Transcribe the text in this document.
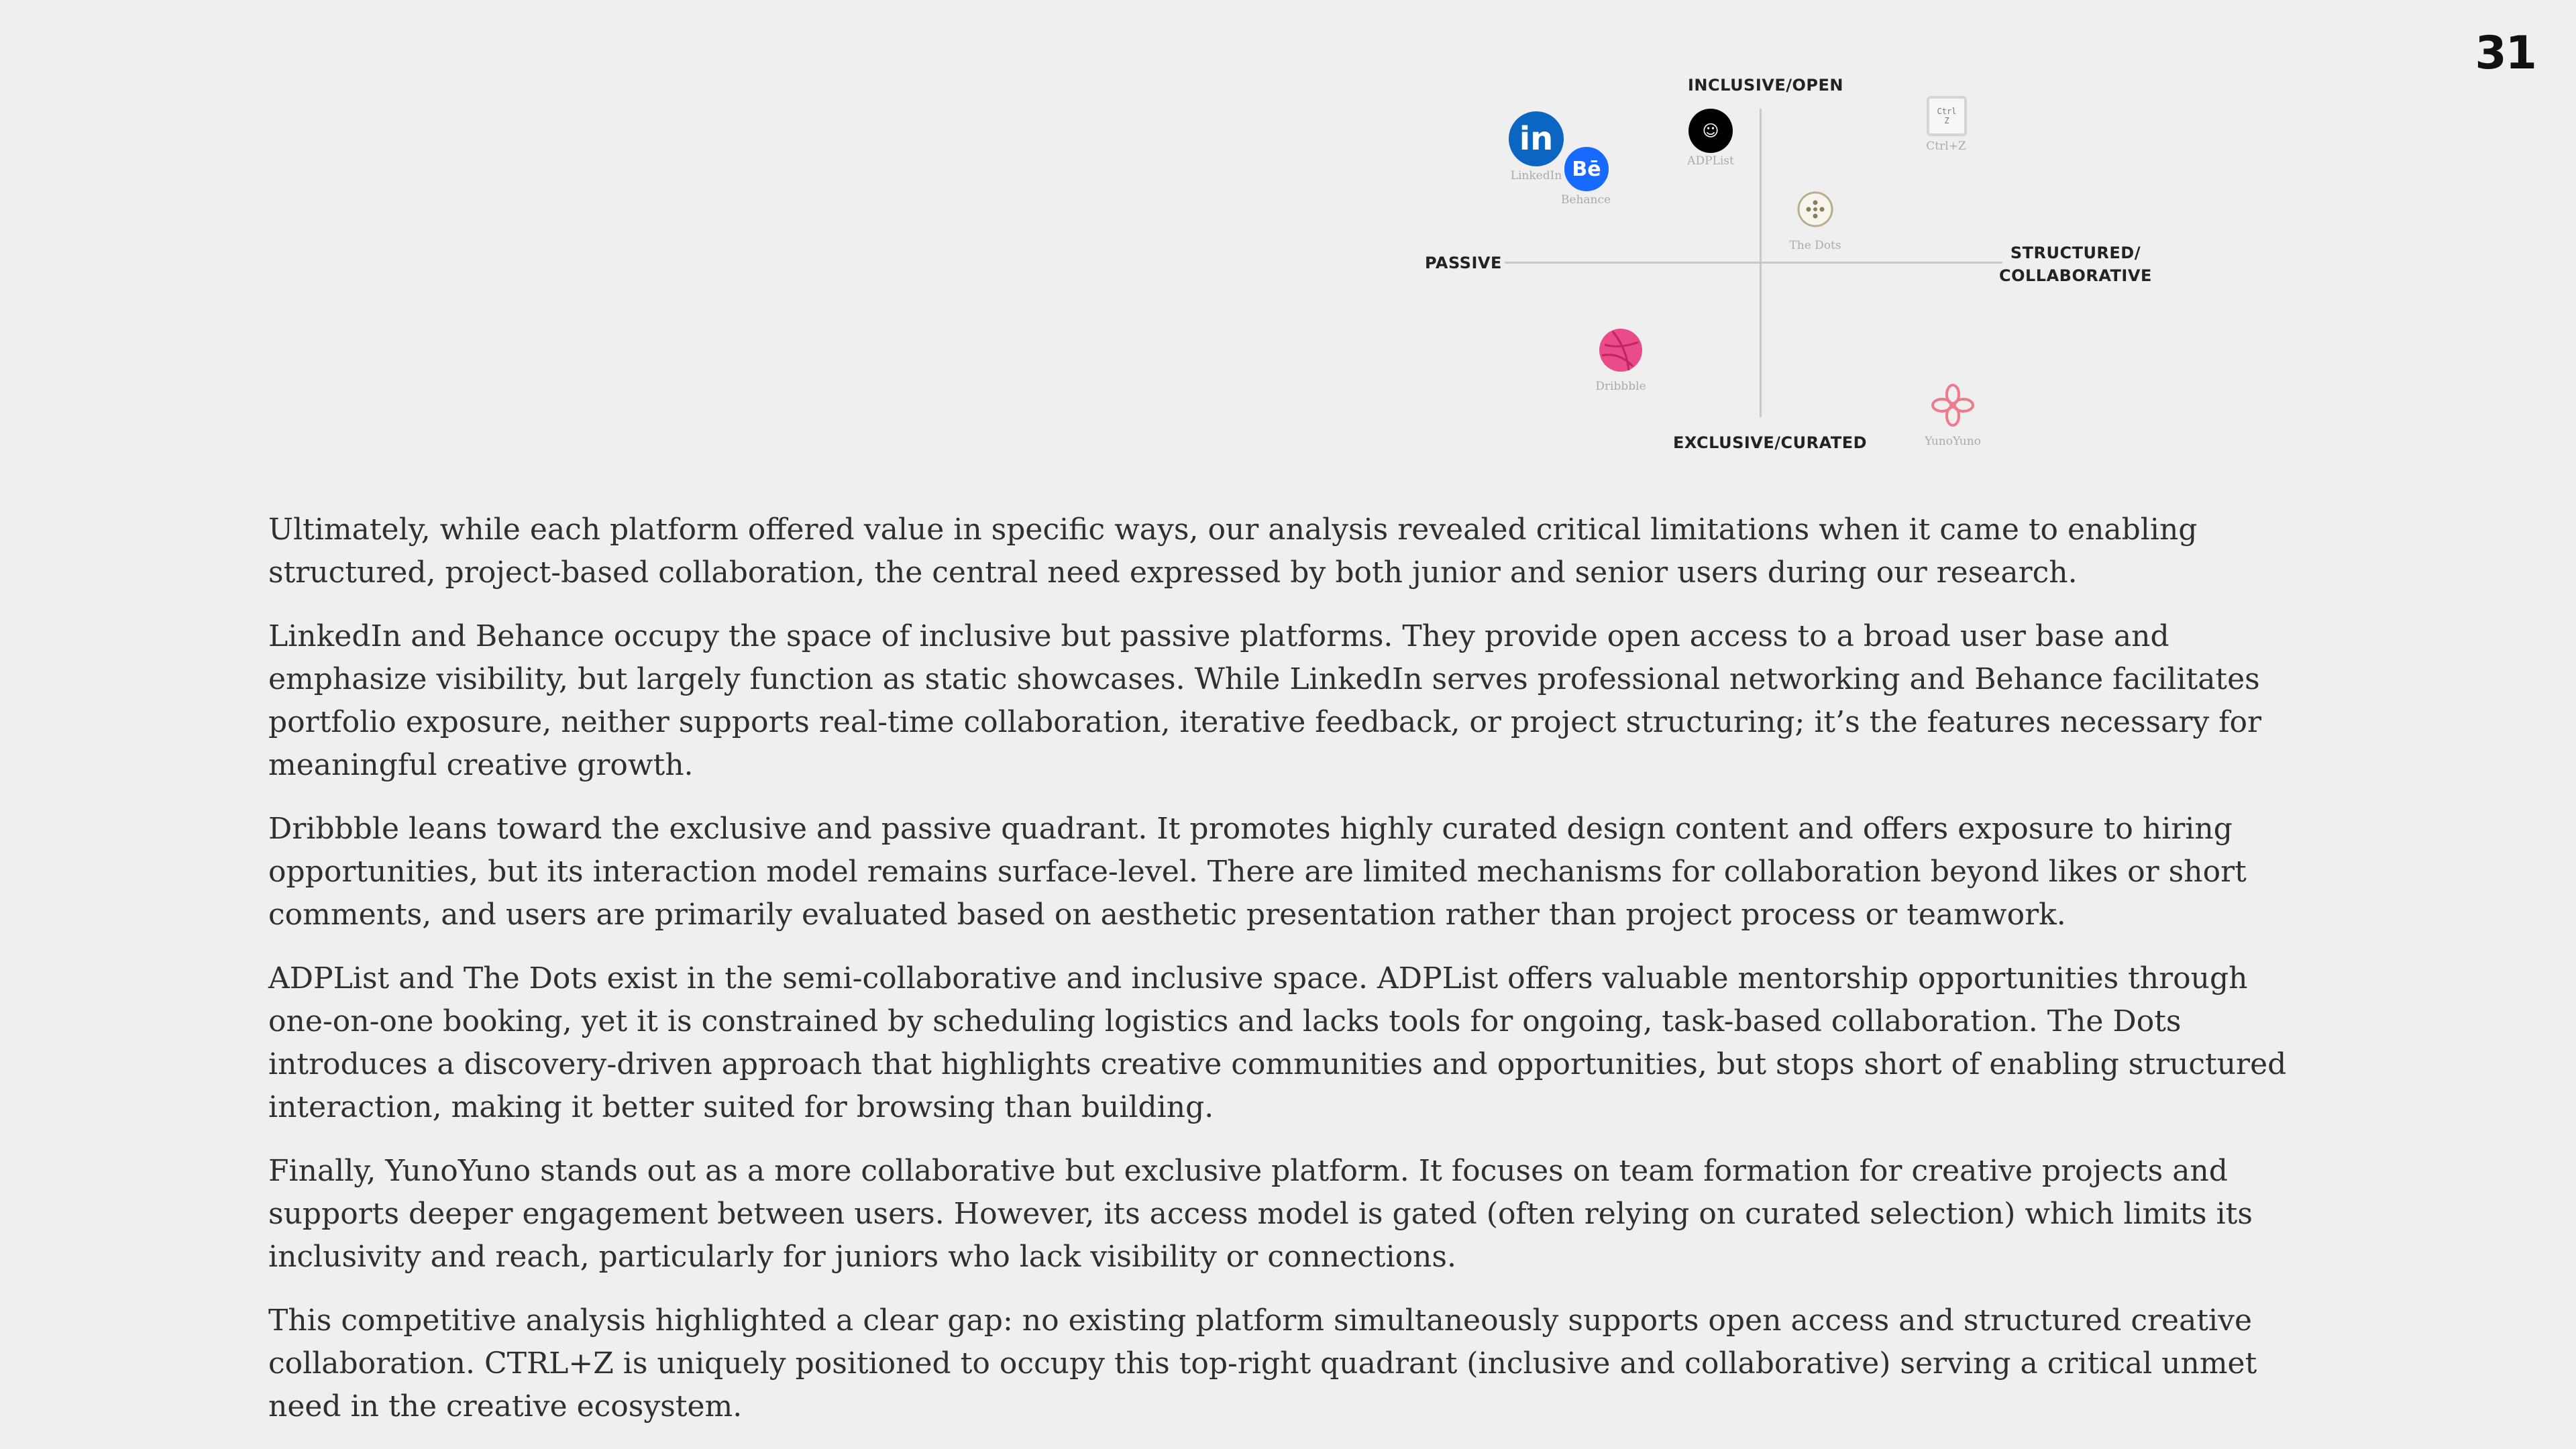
31
INCLUSIVE/OPEN
EXCLUSIVE/CURATED
PASSIVE
STRUCTURED/
COLLABORATIVE
in
LinkedIn Bē
Behance
☺
ADPList
Ctrl
Z
Ctrl+Z
The Dots
Dribbble
YunoYuno

Ultimately, while each platform offered value in specific ways, our analysis revealed critical limitations when it came to enabling structured, project-based collaboration, the central need expressed by both junior and senior users during our research.

LinkedIn and Behance occupy the space of inclusive but passive platforms. They provide open access to a broad user base and emphasize visibility, but largely function as static showcases. While LinkedIn serves professional networking and Behance facilitates portfolio exposure, neither supports real-time collaboration, iterative feedback, or project structuring; it’s the features necessary for meaningful creative growth.

Dribbble leans toward the exclusive and passive quadrant. It promotes highly curated design content and offers exposure to hiring opportunities, but its interaction model remains surface-level. There are limited mechanisms for collaboration beyond likes or short comments, and users are primarily evaluated based on aesthetic presentation rather than project process or teamwork.

ADPList and The Dots exist in the semi-collaborative and inclusive space. ADPList offers valuable mentorship opportunities through one-on-one booking, yet it is constrained by scheduling logistics and lacks tools for ongoing, task-based collaboration. The Dots introduces a discovery-driven approach that highlights creative communities and opportunities, but stops short of enabling structured interaction, making it better suited for browsing than building.

Finally, YunoYuno stands out as a more collaborative but exclusive platform. It focuses on team formation for creative projects and supports deeper engagement between users. However, its access model is gated (often relying on curated selection) which limits its inclusivity and reach, particularly for juniors who lack visibility or connections.

This competitive analysis highlighted a clear gap: no existing platform simultaneously supports open access and structured creative collaboration. CTRL+Z is uniquely positioned to occupy this top-right quadrant (inclusive and collaborative) serving a critical unmet need in the creative ecosystem.
